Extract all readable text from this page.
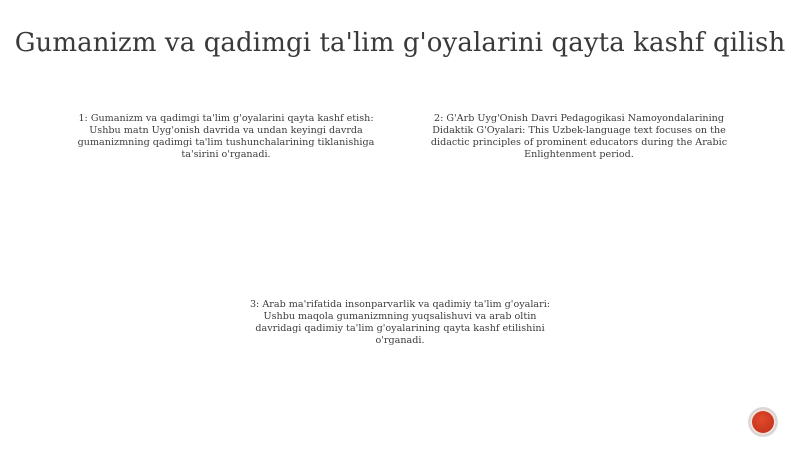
Gumanizm va qadimgi ta'lim g'oyalarini qayta kashf qilish
1: Gumanizm va qadimgi ta'lim g'oyalarini qayta kashf etish: Ushbu matn Uyg'onish davrida va undan keyingi davrda gumanizmning qadimgi ta'lim tushunchalarining tiklanishiga ta'sirini o'rganadi.
2: G'Arb Uyg'Onish Davri Pedagogikasi Namoyondalarining Didaktik G'Oyalari: This Uzbek-language text focuses on the didactic principles of prominent educators during the Arabic Enlightenment period.
3: Arab ma'rifatida insonparvarlik va qadimiy ta'lim g'oyalari: Ushbu maqola gumanizmning yuqsalishuvi va arab oltin davridagi qadimiy ta'lim g'oyalarining qayta kashf etilishini o'rganadi.
